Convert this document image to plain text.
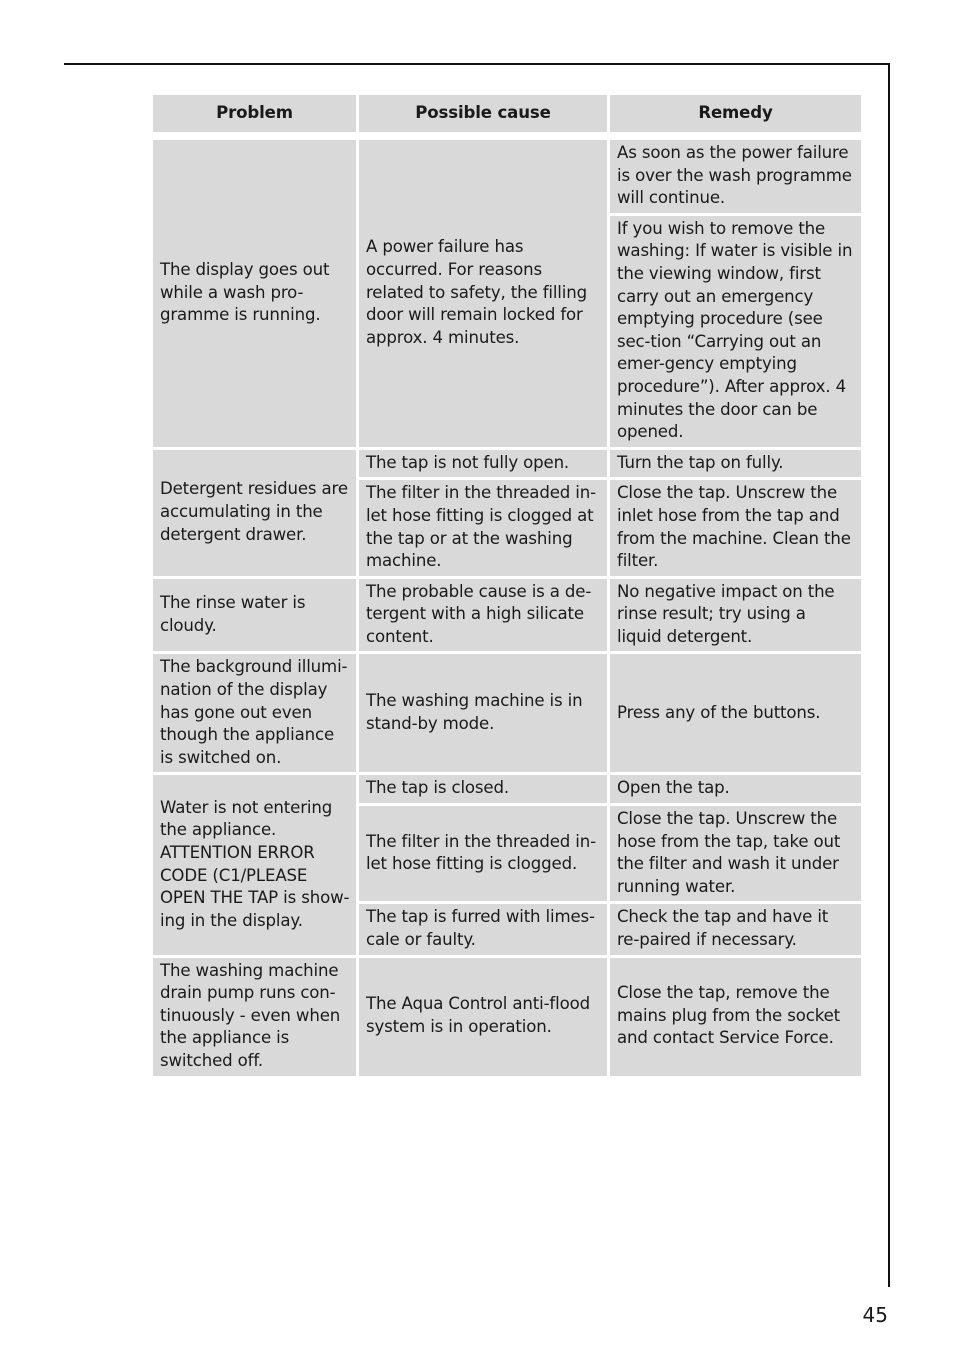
Problem	Possible cause	Remedy

The display goes out while a wash pro-gramme is running.	A power failure has occurred. For reasons related to safety, the filling door will remain locked for approx. 4 minutes.	As soon as the power failure is over the wash programme will continue.
		If you wish to remove the washing: If water is visible in the viewing window, first carry out an emergency emptying procedure (see sec-tion “Carrying out an emer-gency emptying procedure”). After approx. 4 minutes the door can be opened.
Detergent residues are accumulating in the detergent drawer.	The tap is not fully open.	Turn the tap on fully.
	The filter in the threaded in-let hose fitting is clogged at the tap or at the washing machine.	Close the tap. Unscrew the inlet hose from the tap and from the machine. Clean the filter.
The rinse water is cloudy.	The probable cause is a de-tergent with a high silicate content.	No negative impact on the rinse result; try using a liquid detergent.
The background illumi-nation of the display has gone out even though the appliance is switched on.	The washing machine is in stand-by mode.	Press any of the buttons.
Water is not entering the appliance. ATTENTION ERROR CODE (C1/PLEASE OPEN THE TAP is show-ing in the display.	The tap is closed.	Open the tap.
	The filter in the threaded in-let hose fitting is clogged.	Close the tap. Unscrew the hose from the tap, take out the filter and wash it under running water.
	The tap is furred with limes-cale or faulty.	Check the tap and have it re-paired if necessary.
The washing machine drain pump runs con-tinuously - even when the appliance is switched off.	The Aqua Control anti-flood system is in operation.	Close the tap, remove the mains plug from the socket and contact Service Force.
45
